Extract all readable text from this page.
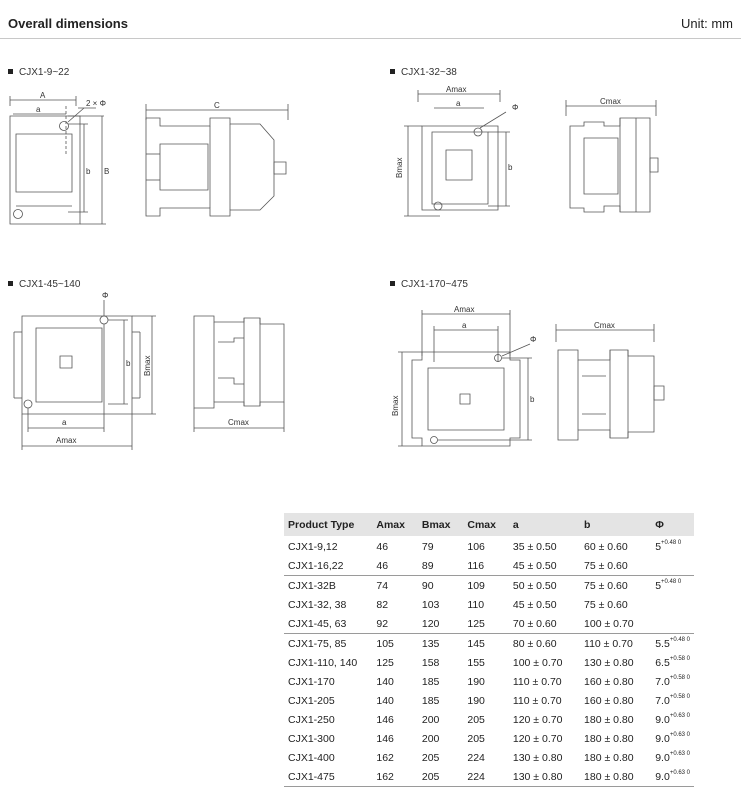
Overall dimensions	Unit: mm
CJX1-9~22	CJX1-32~38
CJX1-45~140	CJX1-170~475
A
a
2 × Φ
b B
C
Amax
a	Φ
Bmax	b
Cmax
Φ
b Bmax
a
Amax
Cmax
Amax
a
Φ
Bmax	b
Cmax
Product Type	Amax	Bmax	Cmax	a	b	Φ
CJX1-9,12	46	79	106	35 ± 0.50	60 ± 0.60	$5^{+0.48 0}$
CJX1-16,22	46	89	116	45 ± 0.50	75 ± 0.60	
CJX1-32B	74	90	109	50 ± 0.50	75 ± 0.60	$5^{+0.48 0}$
CJX1-32, 38	82	103	110	45 ± 0.50	75 ± 0.60	
CJX1-45, 63	92	120	125	70 ± 0.60	100 ± 0.70	
CJX1-75, 85	105	135	145	80 ± 0.60	110 ± 0.70	$5.5^{+0.48 0}$
CJX1-110, 140	125	158	155	100 ± 0.70	130 ± 0.80	$6.5^{+0.58 0}$
CJX1-170	140	185	190	110 ± 0.70	160 ± 0.80	$7.0^{+0.58 0}$
CJX1-205	140	185	190	110 ± 0.70	160 ± 0.80	$7.0^{+0.58 0}$
CJX1-250	146	200	205	120 ± 0.70	180 ± 0.80	$9.0^{+0.63 0}$
CJX1-300	146	200	205	120 ± 0.70	180 ± 0.80	$9.0^{+0.63 0}$
CJX1-400	162	205	224	130 ± 0.80	180 ± 0.80	$9.0^{+0.63 0}$
CJX1-475	162	205	224	130 ± 0.80	180 ± 0.80	$9.0^{+0.63 0}$
